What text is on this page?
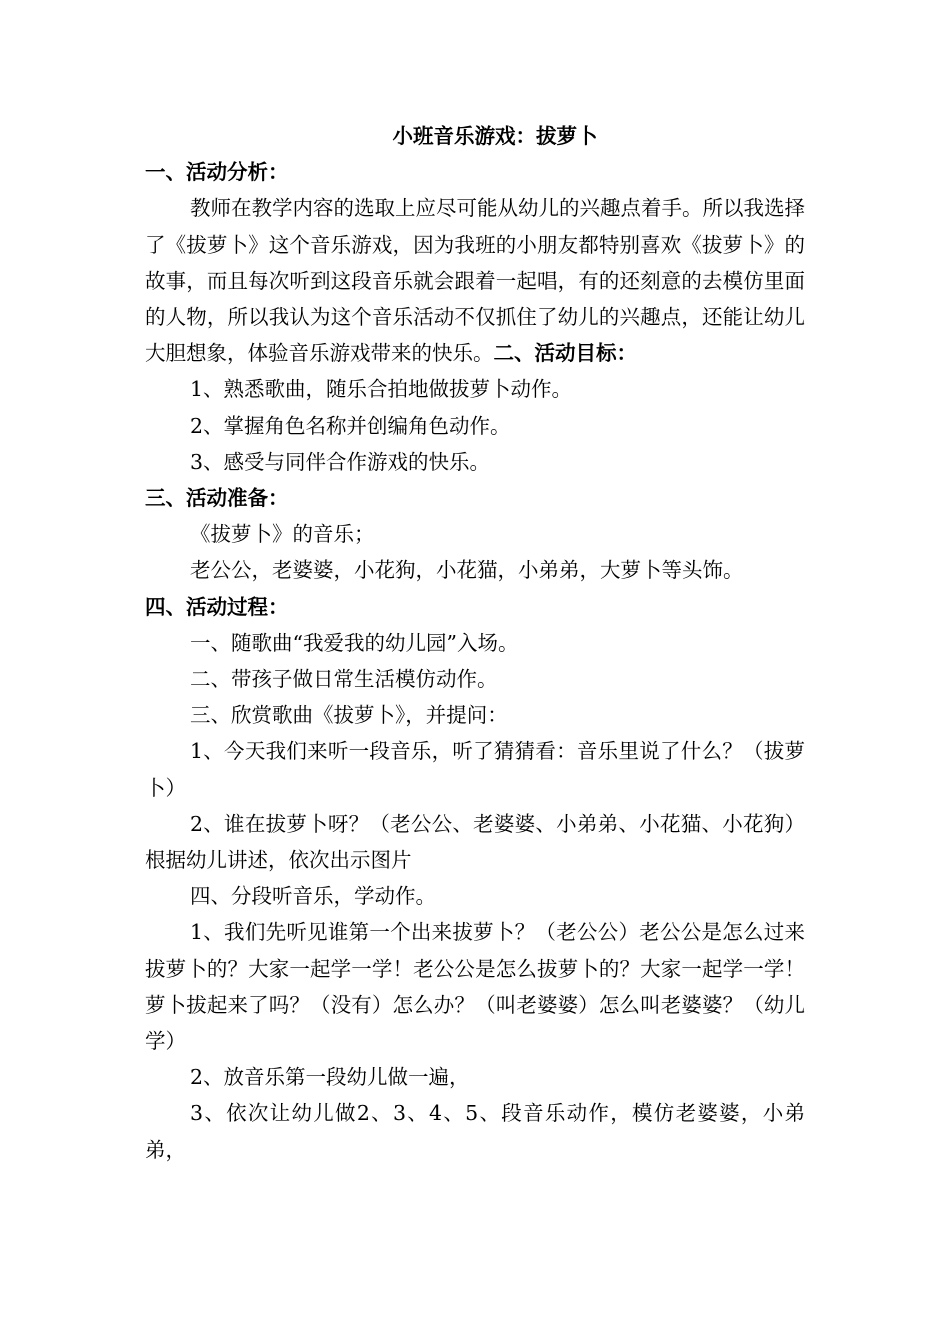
小班音乐游戏：拔萝卜

一、活动分析：

教师在教学内容的选取上应尽可能从幼儿的兴趣点着手。所以我选择了《拔萝卜》这个音乐游戏，因为我班的小朋友都特别喜欢《拔萝卜》的故事，而且每次听到这段音乐就会跟着一起唱，有的还刻意的去模仿里面的人物，所以我认为这个音乐活动不仅抓住了幼儿的兴趣点，还能让幼儿大胆想象，体验音乐游戏带来的快乐。二、活动目标：

1、熟悉歌曲，随乐合拍地做拔萝卜动作。

2、掌握角色名称并创编角色动作。

3、感受与同伴合作游戏的快乐。

三、活动准备：

《拔萝卜》的音乐；

老公公，老婆婆，小花狗，小花猫，小弟弟，大萝卜等头饰。

四、活动过程：

一、随歌曲“我爱我的幼儿园”入场。

二、带孩子做日常生活模仿动作。

三、欣赏歌曲《拔萝卜》，并提问：

1、今天我们来听一段音乐，听了猜猜看：音乐里说了什么？（拔萝卜）

2、谁在拔萝卜呀？（老公公、老婆婆、小弟弟、小花猫、小花狗）根据幼儿讲述，依次出示图片

四、分段听音乐，学动作。

1、我们先听见谁第一个出来拔萝卜？（老公公）老公公是怎么过来拔萝卜的？大家一起学一学！老公公是怎么拔萝卜的？大家一起学一学！萝卜拔起来了吗？（没有）怎么办？（叫老婆婆）怎么叫老婆婆？（幼儿学）

2、放音乐第一段幼儿做一遍，

3、依次让幼儿做2、3、4、5、段音乐动作，模仿老婆婆，小弟弟，
